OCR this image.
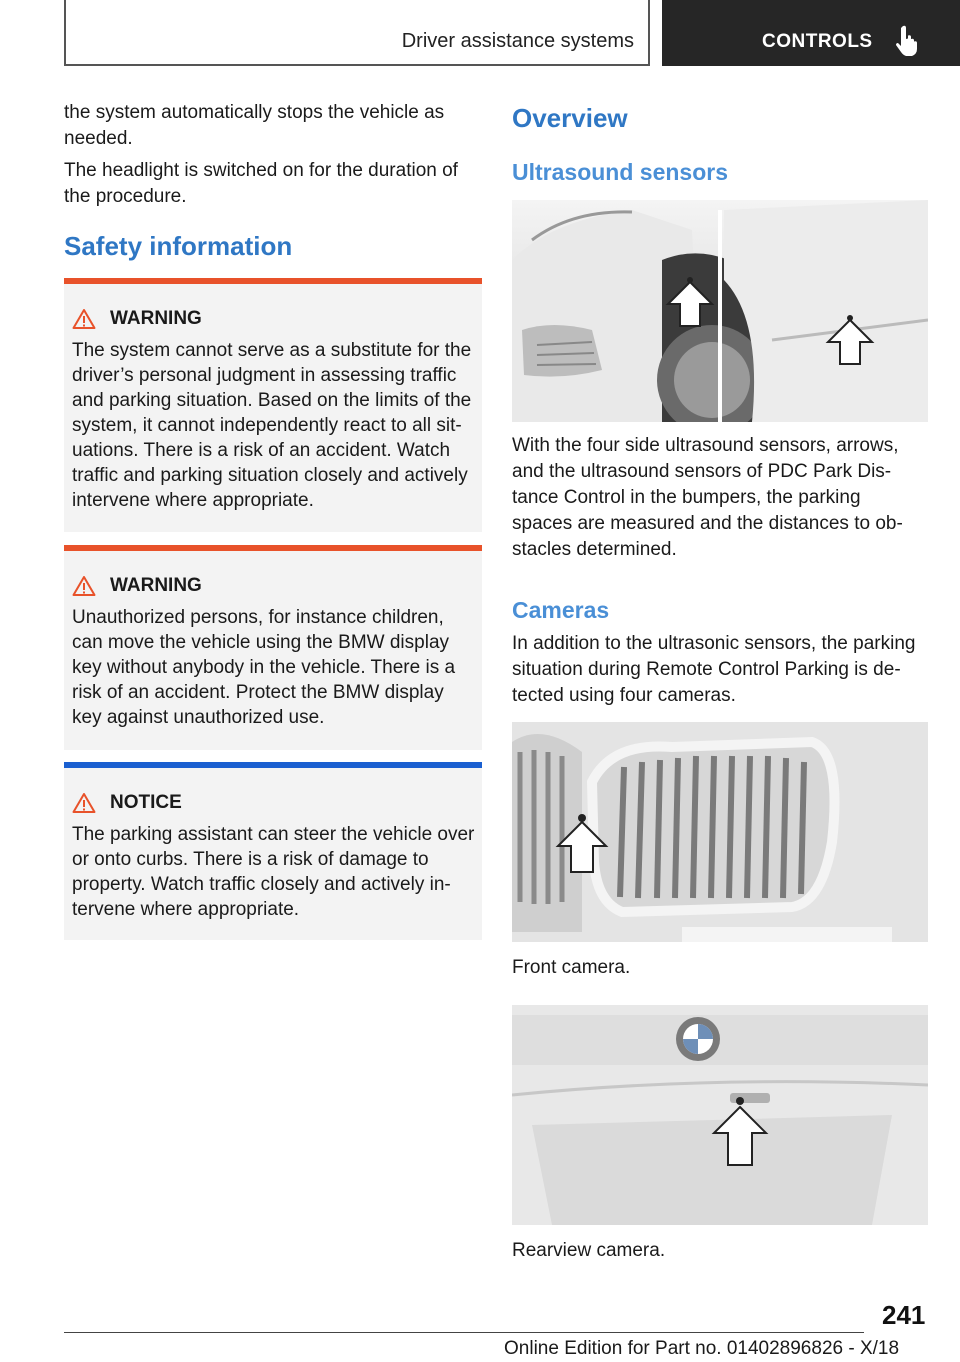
Driver assistance systems	CONTROLS

the system automatically stops the vehicle as needed.

The headlight is switched on for the duration of the procedure.

Safety information
WARNING
The system cannot serve as a substitute for the driver’s personal judgment in assessing traffic and parking situation. Based on the limits of the system, it cannot independently react to all situations. There is a risk of an accident. Watch traffic and parking situation closely and actively intervene where appropriate.
WARNING
Unauthorized persons, for instance children, can move the vehicle using the BMW display key without anybody in the vehicle. There is a risk of an accident. Protect the BMW display key against unauthorized use.
NOTICE
The parking assistant can steer the vehicle over or onto curbs. There is a risk of damage to property. Watch traffic closely and actively intervene where appropriate.
Overview
Ultrasound sensors

With the four side ultrasound sensors, arrows, and the ultrasound sensors of PDC Park Distance Control in the bumpers, the parking spaces are measured and the distances to obstacles determined.

Cameras

In addition to the ultrasonic sensors, the parking situation during Remote Control Parking is detected using four cameras.

Front camera.

Rearview camera.

241
Online Edition for Part no. 01402896826 - X/18
